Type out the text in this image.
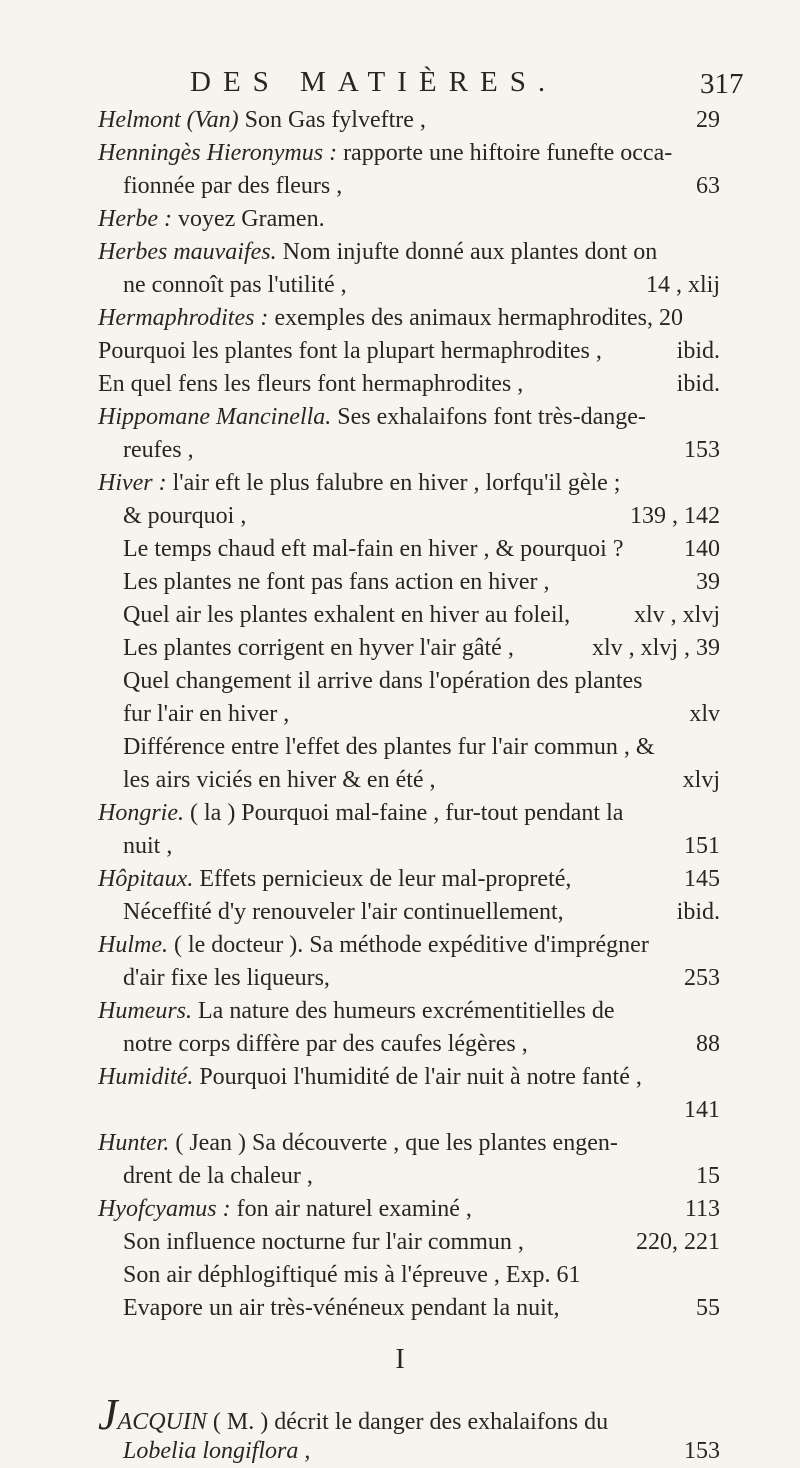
DES MATIÈRES.	317
Helmont (Van) Son Gas fylveftre ,	29
Henningès Hieronymus : rapporte une hiftoire funefte occa-
fionnée par des fleurs ,	63
Herbe : voyez Gramen.
Herbes mauvaifes. Nom injufte donné aux plantes dont on
ne connoît pas l'utilité ,	14 , xlij
Hermaphrodites : exemples des animaux hermaphrodites, 20
Pourquoi les plantes font la plupart hermaphrodites ,	ibid.
En quel fens les fleurs font hermaphrodites ,	ibid.
Hippomane Mancinella. Ses exhalaifons font très-dange-
reufes ,	153
Hiver : l'air eft le plus falubre en hiver , lorfqu'il gèle ;
& pourquoi ,	139 , 142
Le temps chaud eft mal-fain en hiver , & pourquoi ?	140
Les plantes ne font pas fans action en hiver ,	39
Quel air les plantes exhalent en hiver au foleil,	xlv , xlvj
Les plantes corrigent en hyver l'air gâté ,	xlv , xlvj , 39
Quel changement il arrive dans l'opération des plantes
fur l'air en hiver ,	xlv
Différence entre l'effet des plantes fur l'air commun , &
les airs viciés en hiver & en été ,	xlvj
Hongrie. ( la ) Pourquoi mal-faine , fur-tout pendant la
nuit ,	151
Hôpitaux. Effets pernicieux de leur mal-propreté,	145
Néceffité d'y renouveler l'air continuellement,	ibid.
Hulme. ( le docteur ). Sa méthode expéditive d'imprégner
d'air fixe les liqueurs,	253
Humeurs. La nature des humeurs excrémentitielles de
notre corps diffère par des caufes légères ,	88
Humidité. Pourquoi l'humidité de l'air nuit à notre fanté ,
141
Hunter. ( Jean ) Sa découverte , que les plantes engen-
drent de la chaleur ,	15
Hyofcyamus : fon air naturel examiné ,	113
Son influence nocturne fur l'air commun ,	220, 221
Son air déphlogiftiqué mis à l'épreuve , Exp. 61
Evapore un air très-vénéneux pendant la nuit,	55
I
JACQUIN ( M. ) décrit le danger des exhalaifons du
Lobelia longiflora ,	153
